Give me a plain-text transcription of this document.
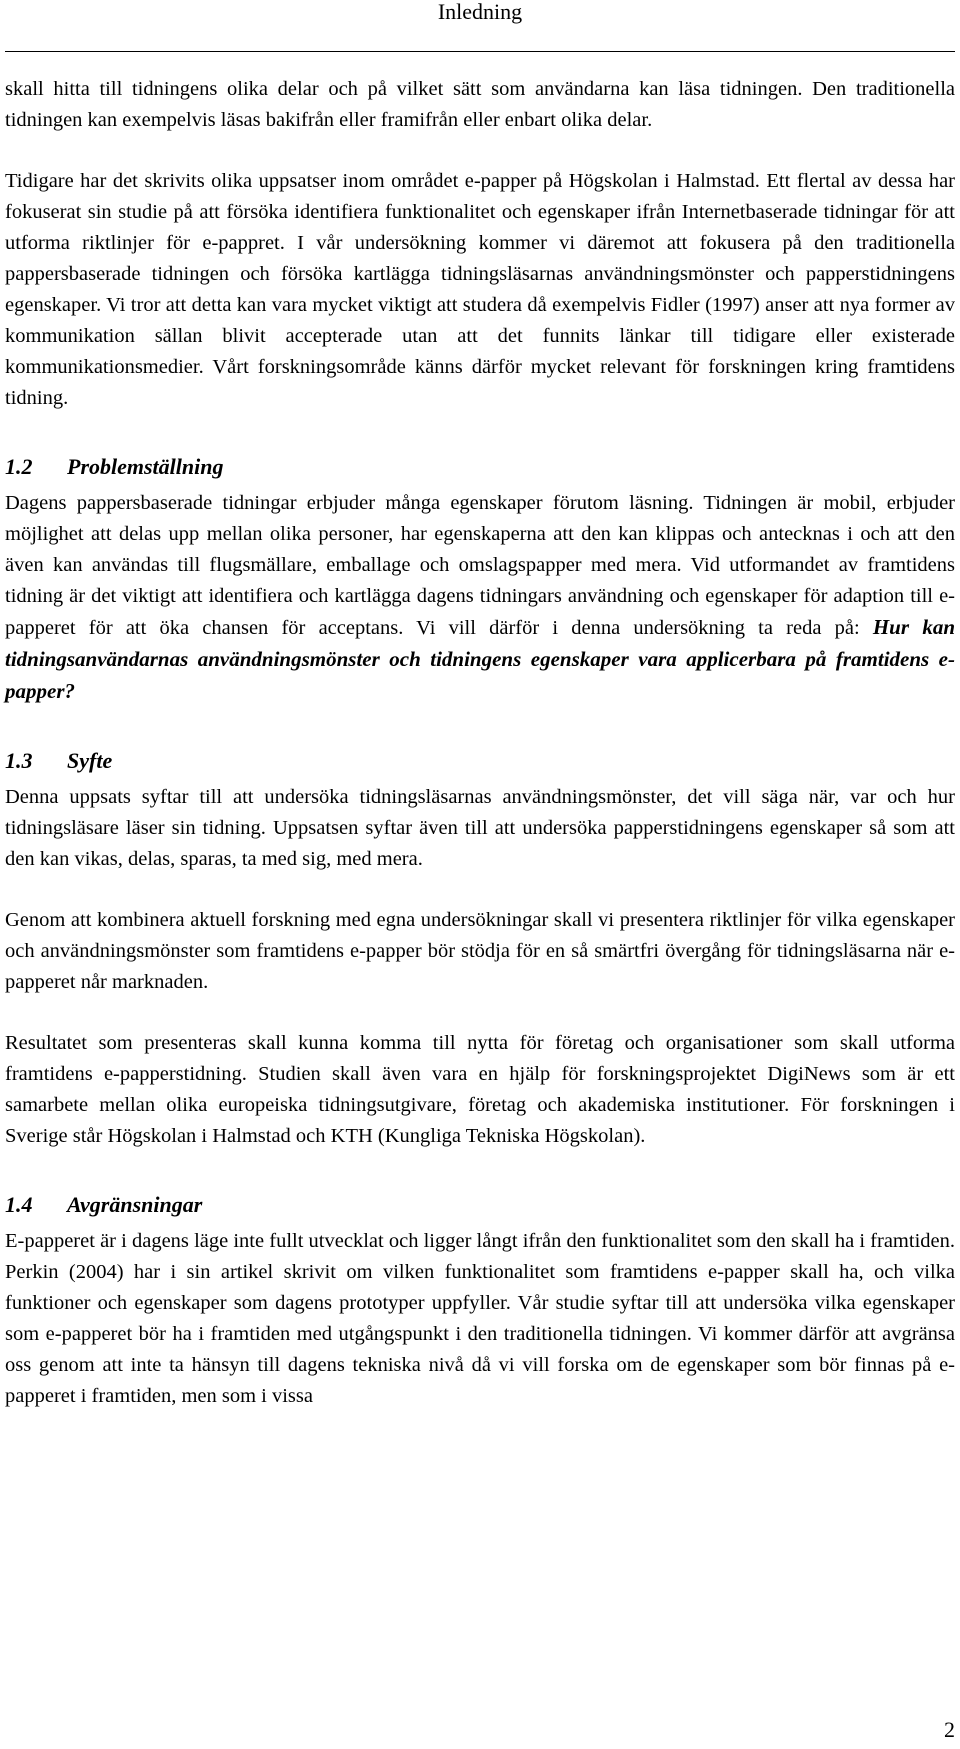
Inledning

skall hitta till tidningens olika delar och på vilket sätt som användarna kan läsa tidningen. Den traditionella tidningen kan exempelvis läsas bakifrån eller framifrån eller enbart olika delar.

Tidigare har det skrivits olika uppsatser inom området e-papper på Högskolan i Halmstad. Ett flertal av dessa har fokuserat sin studie på att försöka identifiera funktionalitet och egenskaper ifrån Internetbaserade tidningar för att utforma riktlinjer för e-pappret. I vår undersökning kommer vi däremot att fokusera på den traditionella pappersbaserade tidningen och försöka kartlägga tidningsläsarnas användningsmönster och papperstidningens egenskaper. Vi tror att detta kan vara mycket viktigt att studera då exempelvis Fidler (1997) anser att nya former av kommunikation sällan blivit accepterade utan att det funnits länkar till tidigare eller existerade kommunikationsmedier. Vårt forskningsområde känns därför mycket relevant för forskningen kring framtidens tidning.

1.2 Problemställning

Dagens pappersbaserade tidningar erbjuder många egenskaper förutom läsning. Tidningen är mobil, erbjuder möjlighet att delas upp mellan olika personer, har egenskaperna att den kan klippas och antecknas i och att den även kan användas till flugsmällare, emballage och omslagspapper med mera. Vid utformandet av framtidens tidning är det viktigt att identifiera och kartlägga dagens tidningars användning och egenskaper för adaption till e-papperet för att öka chansen för acceptans. Vi vill därför i denna undersökning ta reda på: Hur kan tidningsanvändarnas användningsmönster och tidningens egenskaper vara applicerbara på framtidens e-papper?

1.3 Syfte

Denna uppsats syftar till att undersöka tidningsläsarnas användningsmönster, det vill säga när, var och hur tidningsläsare läser sin tidning. Uppsatsen syftar även till att undersöka papperstidningens egenskaper så som att den kan vikas, delas, sparas, ta med sig, med mera.

Genom att kombinera aktuell forskning med egna undersökningar skall vi presentera riktlinjer för vilka egenskaper och användningsmönster som framtidens e-papper bör stödja för en så smärtfri övergång för tidningsläsarna när e-papperet når marknaden.

Resultatet som presenteras skall kunna komma till nytta för företag och organisationer som skall utforma framtidens e-papperstidning. Studien skall även vara en hjälp för forskningsprojektet DigiNews som är ett samarbete mellan olika europeiska tidningsutgivare, företag och akademiska institutioner. För forskningen i Sverige står Högskolan i Halmstad och KTH (Kungliga Tekniska Högskolan).

1.4 Avgränsningar

E-papperet är i dagens läge inte fullt utvecklat och ligger långt ifrån den funktionalitet som den skall ha i framtiden. Perkin (2004) har i sin artikel skrivit om vilken funktionalitet som framtidens e-papper skall ha, och vilka funktioner och egenskaper som dagens prototyper uppfyller. Vår studie syftar till att undersöka vilka egenskaper som e-papperet bör ha i framtiden med utgångspunkt i den traditionella tidningen. Vi kommer därför att avgränsa oss genom att inte ta hänsyn till dagens tekniska nivå då vi vill forska om de egenskaper som bör finnas på e-papperet i framtiden, men som i vissa

2
